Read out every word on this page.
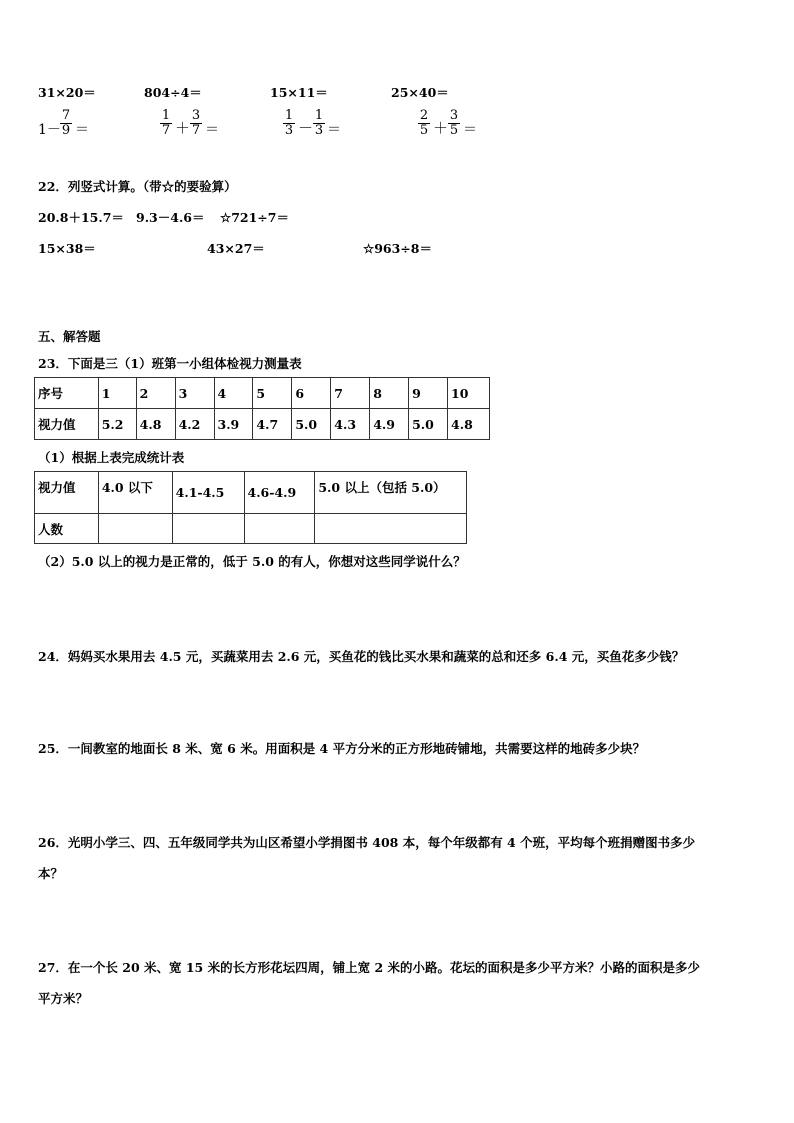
31×20＝	804÷4＝	15×11＝	25×40＝
1－
7
9 ＝
1
7 ＋
3
7 ＝
1
3 －
1
3 ＝
2
5 ＋
3
5 ＝
22．列竖式计算。（带☆的要验算）
20.8＋15.7＝ 9.3－4.6＝ ☆721÷7＝
15×38＝	43×27＝	☆963÷8＝
五、解答题
23．下面是三（1）班第一小组体检视力测量表
序号	1	2	3	4	5	6	7	8	9	10
视力值	5.2	4.8	4.2	3.9	4.7	5.0	4.3	4.9	5.0	4.8
（1）根据上表完成统计表
视力值	4.0 以下	4.1-4.5	4.6-4.9	5.0 以上（包括 5.0）
人数				
（2）5.0 以上的视力是正常的，低于 5.0 的有人，你想对这些同学说什么？
24．妈妈买水果用去 4.5 元，买蔬菜用去 2.6 元，买鱼花的钱比买水果和蔬菜的总和还多 6.4 元，买鱼花多少钱？
25．一间教室的地面长 8 米、宽 6 米。用面积是 4 平方分米的正方形地砖铺地，共需要这样的地砖多少块？
26．光明小学三、四、五年级同学共为山区希望小学捐图书 408 本，每个年级都有 4 个班，平均每个班捐赠图书多少
本？
27．在一个长 20 米、宽 15 米的长方形花坛四周，铺上宽 2 米的小路。花坛的面积是多少平方米？小路的面积是多少
平方米？
